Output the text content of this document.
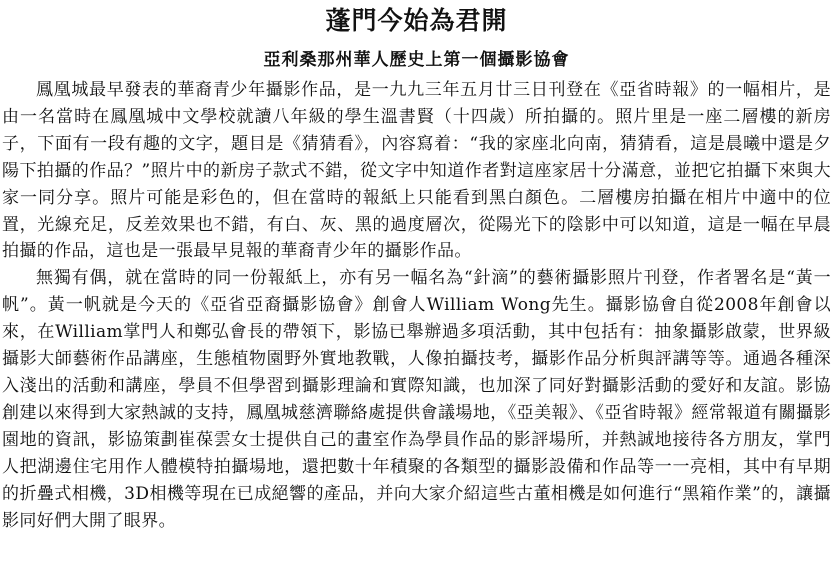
蓬門今始為君開
亞利桑那州華人歷史上第一個攝影協會

鳳凰城最早發表的華裔青少年攝影作品，是一九九三年五月廿三日刊登在《亞省時報》的一幅相片，是由一名當時在鳳凰城中文學校就讀八年級的學生溫書賢（十四歲）所拍攝的。照片里是一座二層樓的新房子，下面有一段有趣的文字，題目是《猜猜看》，內容寫着：“我的家座北向南，猜猜看，這是晨曦中還是夕陽下拍攝的作品？”照片中的新房子款式不錯，從文字中知道作者對這座家居十分滿意，並把它拍攝下來與大家一同分享。照片可能是彩色的，但在當時的報紙上只能看到黑白顏色。二層樓房拍攝在相片中適中的位置，光線充足，反差效果也不錯，有白、灰、黑的過度層次，從陽光下的陰影中可以知道，這是一幅在早晨拍攝的作品，這也是一張最早見報的華裔青少年的攝影作品。

無獨有偶，就在當時的同一份報紙上，亦有另一幅名為“針滴”的藝術攝影照片刊登，作者署名是“黃一帆”。黃一帆就是今天的《亞省亞裔攝影協會》創會人William Wong先生。攝影協會自從2008年創會以來，在William掌門人和鄭弘會長的帶領下，影協已舉辦過多項活動，其中包括有：抽象攝影啟蒙，世界級攝影大師藝術作品講座，生態植物園野外實地教戰，人像拍攝技考，攝影作品分析與評講等等。通過各種深入淺出的活動和講座，學員不但學習到攝影理論和實際知識，也加深了同好對攝影活動的愛好和友誼。影協創建以來得到大家熱誠的支持，鳳凰城慈濟聯絡處提供會議場地，《亞美報》、《亞省時報》經常報道有關攝影園地的資訊，影協策劃崔葆雲女士提供自己的畫室作為學員作品的影評場所，并熱誠地接待各方朋友，掌門人把湖邊住宅用作人體模特拍攝場地，還把數十年積聚的各類型的攝影設備和作品等一一亮相，其中有早期的折疊式相機，3D相機等現在已成絕響的產品，并向大家介紹這些古董相機是如何進行“黑箱作業”的，讓攝影同好們大開了眼界。
